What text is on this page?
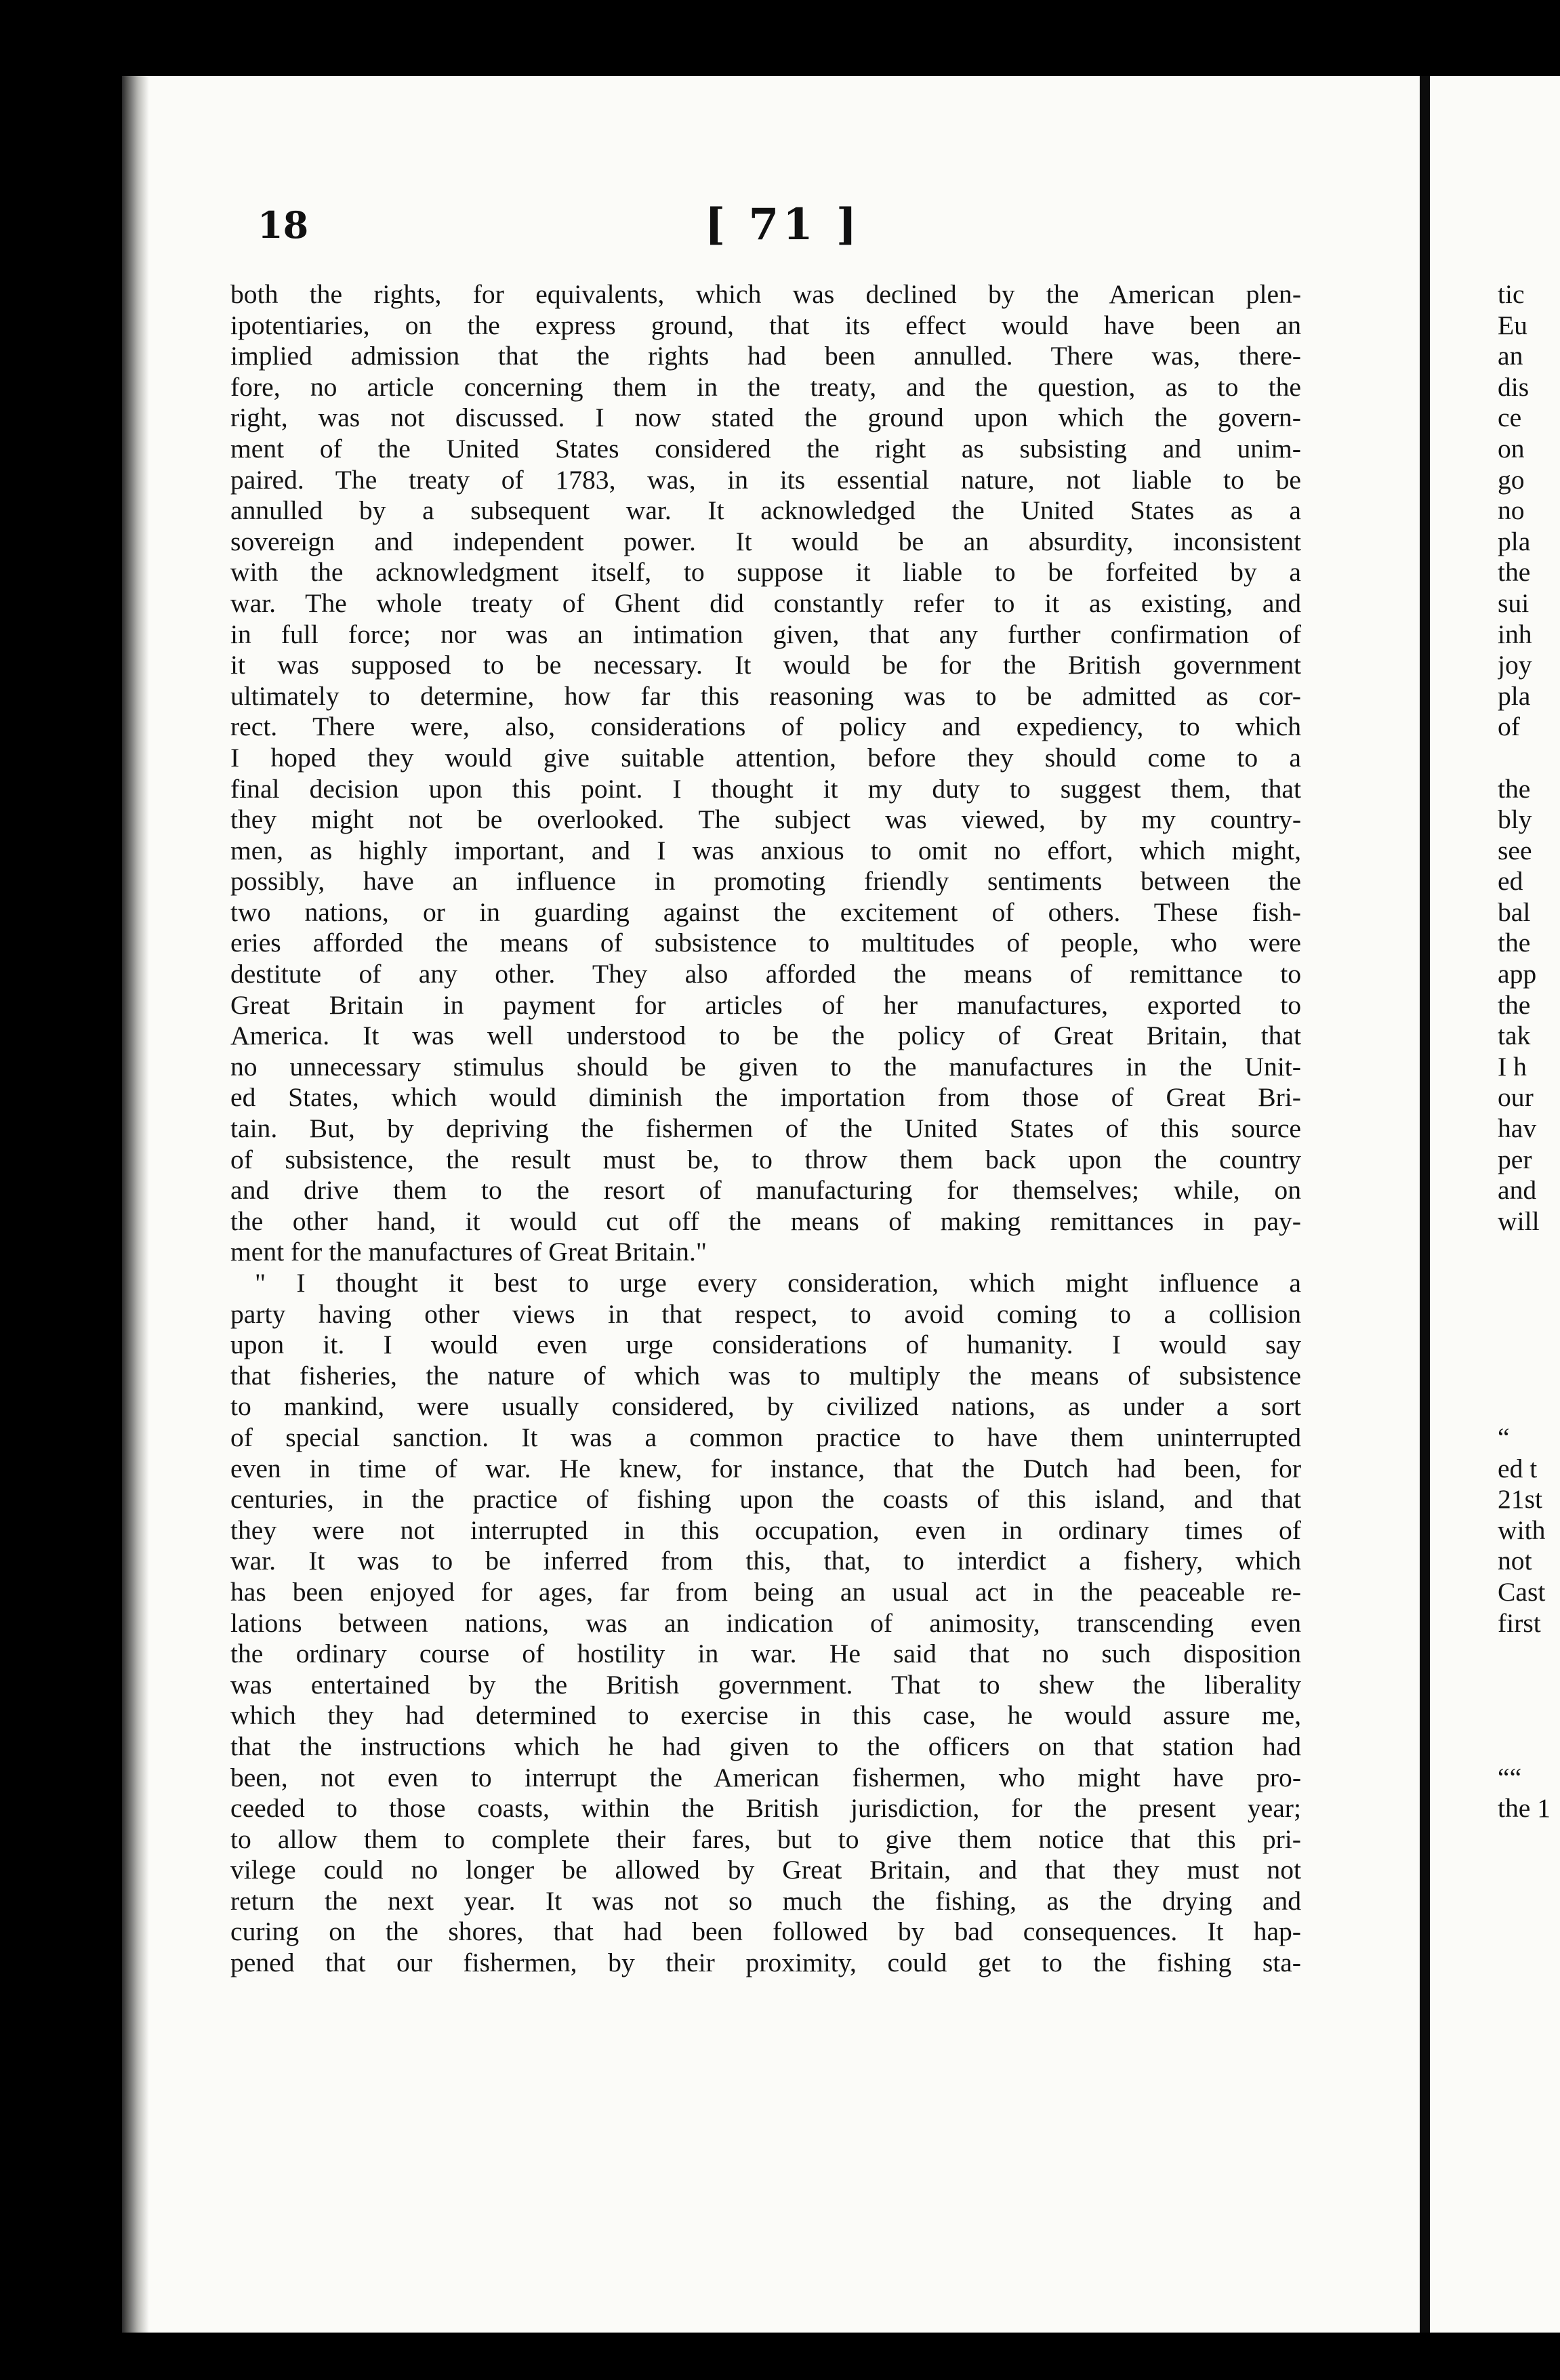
18	[ 71 ]
both the rights, for equivalents, which was declined by the American plen-
ipotentiaries, on the express ground, that its effect would have been an
implied admission that the rights had been annulled. There was, there-
fore, no article concerning them in the treaty, and the question, as to the
right, was not discussed. I now stated the ground upon which the govern-
ment of the United States considered the right as subsisting and unim-
paired. The treaty of 1783, was, in its essential nature, not liable to be
annulled by a subsequent war. It acknowledged the United States as a
sovereign and independent power. It would be an absurdity, inconsistent
with the acknowledgment itself, to suppose it liable to be forfeited by a
war. The whole treaty of Ghent did constantly refer to it as existing, and
in full force; nor was an intimation given, that any further confirmation of
it was supposed to be necessary. It would be for the British government
ultimately to determine, how far this reasoning was to be admitted as cor-
rect. There were, also, considerations of policy and expediency, to which
I hoped they would give suitable attention, before they should come to a
final decision upon this point. I thought it my duty to suggest them, that
they might not be overlooked. The subject was viewed, by my country-
men, as highly important, and I was anxious to omit no effort, which might,
possibly, have an influence in promoting friendly sentiments between the
two nations, or in guarding against the excitement of others. These fish-
eries afforded the means of subsistence to multitudes of people, who were
destitute of any other. They also afforded the means of remittance to
Great Britain in payment for articles of her manufactures, exported to
America. It was well understood to be the policy of Great Britain, that
no unnecessary stimulus should be given to the manufactures in the Unit-
ed States, which would diminish the importation from those of Great Bri-
tain. But, by depriving the fishermen of the United States of this source
of subsistence, the result must be, to throw them back upon the country
and drive them to the resort of manufacturing for themselves; while, on
the other hand, it would cut off the means of making remittances in pay-
ment for the manufactures of Great Britain."
" I thought it best to urge every consideration, which might influence a
party having other views in that respect, to avoid coming to a collision
upon it. I would even urge considerations of humanity. I would say
that fisheries, the nature of which was to multiply the means of subsistence
to mankind, were usually considered, by civilized nations, as under a sort
of special sanction. It was a common practice to have them uninterrupted
even in time of war. He knew, for instance, that the Dutch had been, for
centuries, in the practice of fishing upon the coasts of this island, and that
they were not interrupted in this occupation, even in ordinary times of
war. It was to be inferred from this, that, to interdict a fishery, which
has been enjoyed for ages, far from being an usual act in the peaceable re-
lations between nations, was an indication of animosity, transcending even
the ordinary course of hostility in war. He said that no such disposition
was entertained by the British government. That to shew the liberality
which they had determined to exercise in this case, he would assure me,
that the instructions which he had given to the officers on that station had
been, not even to interrupt the American fishermen, who might have pro-
ceeded to those coasts, within the British jurisdiction, for the present year;
to allow them to complete their fares, but to give them notice that this pri-
vilege could no longer be allowed by Great Britain, and that they must not
return the next year. It was not so much the fishing, as the drying and
curing on the shores, that had been followed by bad consequences. It hap-
pened that our fishermen, by their proximity, could get to the fishing sta-
tic
Eu
an
dis
ce
on
go
no
pla
the
sui
inh
joy
pla
of
the
bly
see
ed
bal
the
app
the
tak
I h
our
hav
per
and
will
“
ed t
21st
with
not
Cast
first
““
the 1
